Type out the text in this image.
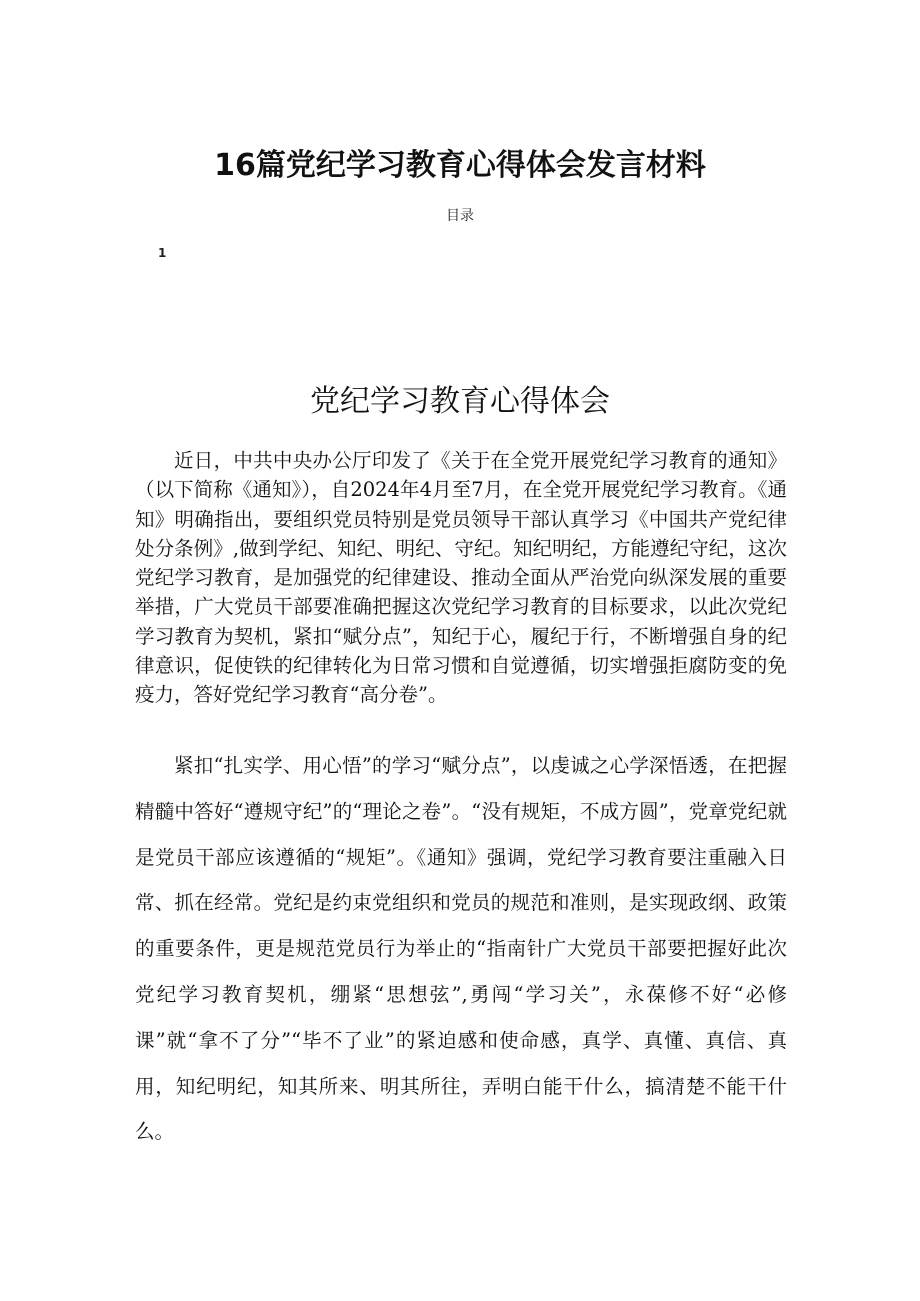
16篇党纪学习教育心得体会发言材料
目录
1
党纪学习教育心得体会

近日，中共中央办公厅印发了《关于在全党开展党纪学习教育的通知》（以下简称《通知》），自2024年4月至7月，在全党开展党纪学习教育。《通知》明确指出，要组织党员特别是党员领导干部认真学习《中国共产党纪律处分条例》,做到学纪、知纪、明纪、守纪。知纪明纪，方能遵纪守纪，这次党纪学习教育，是加强党的纪律建设、推动全面从严治党向纵深发展的重要举措，广大党员干部要准确把握这次党纪学习教育的目标要求，以此次党纪学习教育为契机，紧扣“赋分点”，知纪于心，履纪于行，不断增强自身的纪律意识，促使铁的纪律转化为日常习惯和自觉遵循，切实增强拒腐防变的免疫力，答好党纪学习教育“高分卷”。

紧扣“扎实学、用心悟”的学习“赋分点”，以虔诚之心学深悟透，在把握精髓中答好“遵规守纪”的“理论之卷”。“没有规矩，不成方圆”，党章党纪就是党员干部应该遵循的“规矩”。《通知》强调，党纪学习教育要注重融入日常、抓在经常。党纪是约束党组织和党员的规范和准则，是实现政纲、政策的重要条件，更是规范党员行为举止的“指南针广大党员干部要把握好此次党纪学习教育契机，绷紧“思想弦”,勇闯“学习关”，永葆修不好“必修课”就“拿不了分”“毕不了业”的紧迫感和使命感，真学、真懂、真信、真用，知纪明纪，知其所来、明其所往，弄明白能干什么，搞清楚不能干什么。
